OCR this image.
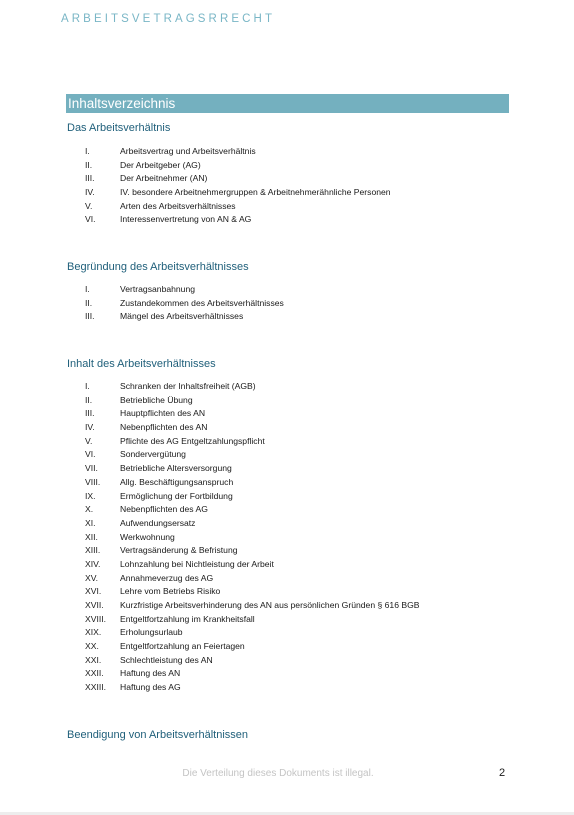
ARBEITSVETRAGSRRECHT
Inhaltsverzeichnis
Das Arbeitsverhältnis
I.	Arbeitsvertrag und Arbeitsverhältnis
II.	Der Arbeitgeber (AG)
III.	Der Arbeitnehmer (AN)
IV.	IV. besondere Arbeitnehmergruppen & Arbeitnehmerähnliche Personen
V.	Arten des Arbeitsverhältnisses
VI.	Interessenvertretung von AN & AG
Begründung des Arbeitsverhältnisses
I.	Vertragsanbahnung
II.	Zustandekommen des Arbeitsverhältnisses
III.	Mängel des Arbeitsverhältnisses
Inhalt des Arbeitsverhältnisses
I.	Schranken der Inhaltsfreiheit (AGB)
II.	Betriebliche Übung
III.	Hauptpflichten des AN
IV.	Nebenpflichten des AN
V.	Pflichte des AG Entgeltzahlungspflicht
VI.	Sondervergütung
VII.	Betriebliche Altersversorgung
VIII. Allg. Beschäftigungsanspruch
IX.	Ermöglichung der Fortbildung
X.	Nebenpflichten des AG
XI.	Aufwendungsersatz
XII.	Werkwohnung
XIII. Vertragsänderung & Befristung
XIV. Lohnzahlung bei Nichtleistung der Arbeit
XV.	Annahmeverzug des AG
XVI. Lehre vom Betriebs Risiko
XVII. Kurzfristige Arbeitsverhinderung des AN aus persönlichen Gründen § 616 BGB
XVIII. Entgeltfortzahlung im Krankheitsfall
XIX. Erholungsurlaub
XX. Entgeltfortzahlung an Feiertagen
XXI. Schlechtleistung des AN
XXII. Haftung des AN
XXIII. Haftung des AG
Beendigung von Arbeitsverhältnissen
Die Verteilung dieses Dokuments ist illegal.	2
